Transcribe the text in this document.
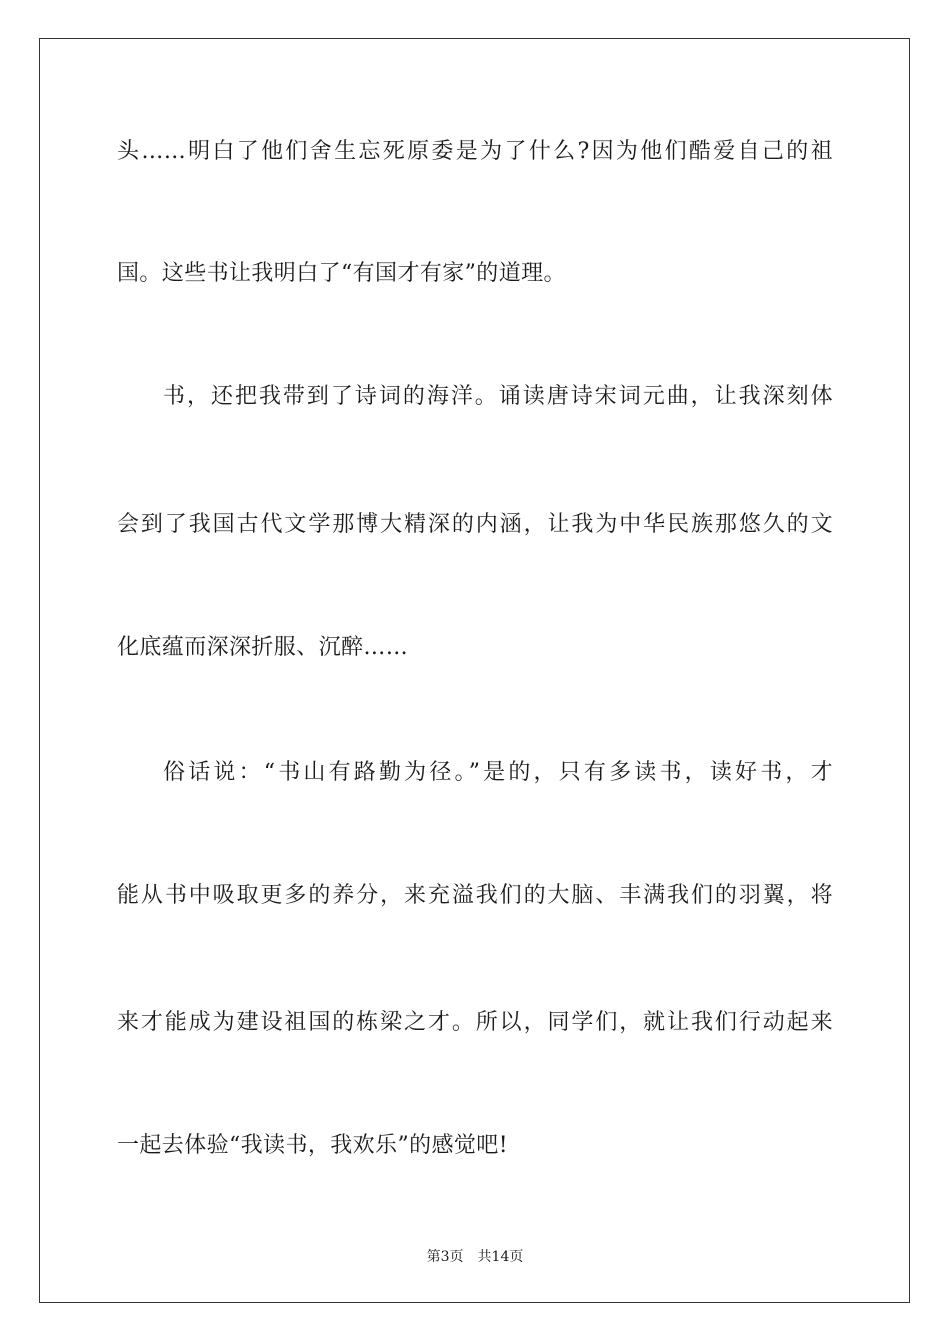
头……明白了他们舍生忘死原委是为了什么?因为他们酷爱自己的祖
国。这些书让我明白了“有国才有家”的道理。
书，还把我带到了诗词的海洋。诵读唐诗宋词元曲，让我深刻体
会到了我国古代文学那博大精深的内涵，让我为中华民族那悠久的文
化底蕴而深深折服、沉醉……
俗话说：“书山有路勤为径。”是的，只有多读书，读好书，才
能从书中吸取更多的养分，来充溢我们的大脑、丰满我们的羽翼，将
来才能成为建设祖国的栋梁之才。所以，同学们，就让我们行动起来
一起去体验“我读书，我欢乐”的感觉吧!
第3页 共14页
